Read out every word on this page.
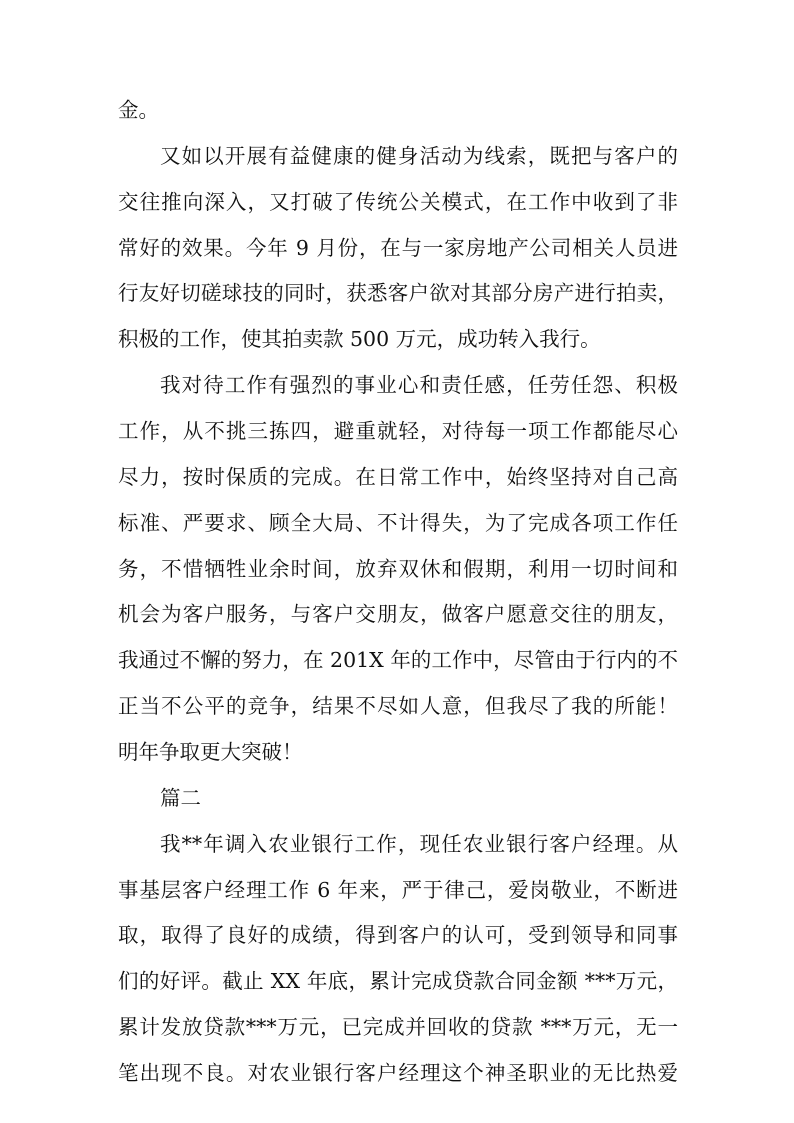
金。
又如以开展有益健康的健身活动为线索，既把与客户的
交往推向深入，又打破了传统公关模式，在工作中收到了非
常好的效果。今年 9 月份，在与一家房地产公司相关人员进
行友好切磋球技的同时，获悉客户欲对其部分房产进行拍卖，
积极的工作，使其拍卖款 500 万元，成功转入我行。
我对待工作有强烈的事业心和责任感，任劳任怨、积极
工作，从不挑三拣四，避重就轻，对待每一项工作都能尽心
尽力，按时保质的完成。在日常工作中，始终坚持对自己高
标准、严要求、顾全大局、不计得失，为了完成各项工作任
务，不惜牺牲业余时间，放弃双休和假期，利用一切时间和
机会为客户服务，与客户交朋友，做客户愿意交往的朋友，
我通过不懈的努力，在 201X 年的工作中，尽管由于行内的不
正当不公平的竞争，结果不尽如人意，但我尽了我的所能！
明年争取更大突破！
篇二
我**年调入农业银行工作，现任农业银行客户经理。从
事基层客户经理工作 6 年来，严于律己，爱岗敬业，不断进
取，取得了良好的成绩，得到客户的认可，受到领导和同事
们的好评。截止 XX 年底，累计完成贷款合同金额 ***万元，
累计发放贷款***万元，已完成并回收的贷款 ***万元，无一
笔出现不良。对农业银行客户经理这个神圣职业的无比热爱
